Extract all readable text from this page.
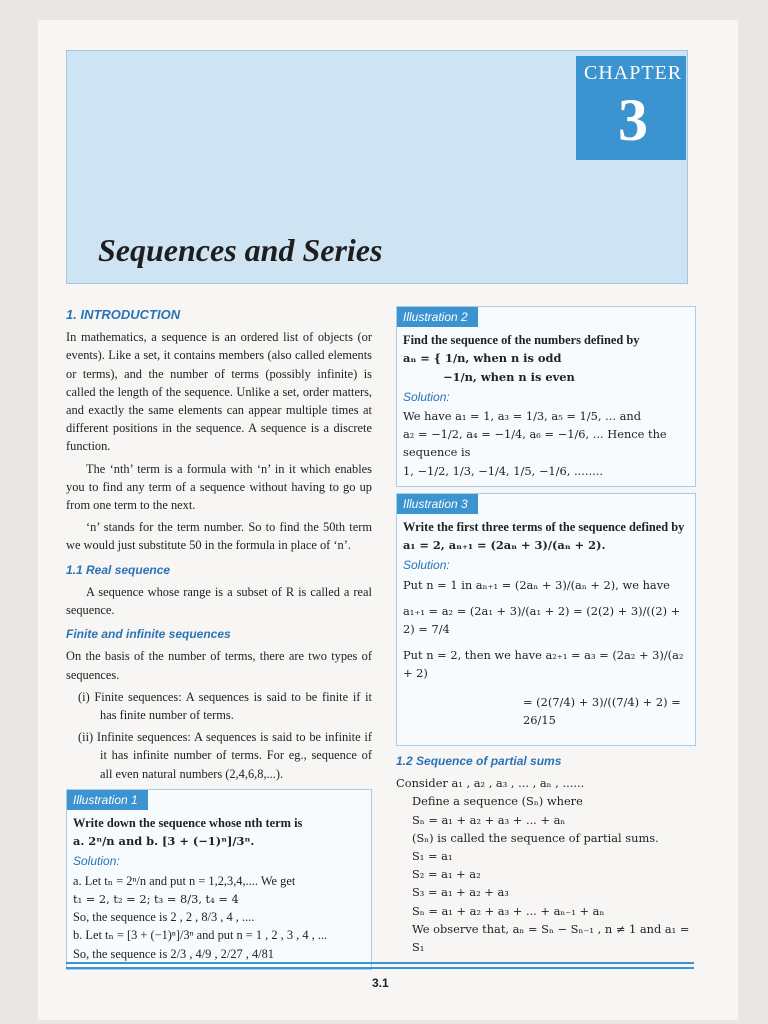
CHAPTER
3
Sequences and Series
1. INTRODUCTION

In mathematics, a sequence is an ordered list of objects (or events). Like a set, it contains members (also called elements or terms), and the number of terms (possibly infinite) is called the length of the sequence. Unlike a set, order matters, and exactly the same elements can appear multiple times at different positions in the sequence. A sequence is a discrete function.

The ‘nth’ term is a formula with ‘n’ in it which enables you to find any term of a sequence without having to go up from one term to the next.

‘n’ stands for the term number. So to find the 50th term we would just substitute 50 in the formula in place of ‘n’.

1.1 Real sequence

A sequence whose range is a subset of R is called a real sequence.

Finite and infinite sequences

On the basis of the number of terms, there are two types of sequences.

(i) Finite sequences: A sequences is said to be finite if it has finite number of terms.
(ii) Infinite sequences: A sequences is said to be infinite if it has infinite number of terms. For eg., sequence of all even natural numbers (2,4,6,8,...).
Illustration 1
Write down the sequence whose nth term is
a. 2ⁿ/n and b. [3 + (−1)ⁿ]/3ⁿ.
Solution:
a. Let tₙ = 2ⁿ/n and put n = 1,2,3,4,.... We get
t₁ = 2, t₂ = 2; t₃ = 8/3, t₄ = 4
So, the sequence is 2 , 2 , 8/3 , 4 , ....
b. Let tₙ = [3 + (−1)ⁿ]/3ⁿ and put n = 1 , 2 , 3 , 4 , ...
So, the sequence is 2/3 , 4/9 , 2/27 , 4/81
Illustration 2
Find the sequence of the numbers defined by
aₙ = { 1/n, when n is odd
−1/n, when n is even
Solution:
We have a₁ = 1, a₃ = 1/3, a₅ = 1/5, ... and
a₂ = −1/2, a₄ = −1/4, a₆ = −1/6, ... Hence the sequence is
1, −1/2, 1/3, −1/4, 1/5, −1/6, ........
Illustration 3
Write the first three terms of the sequence defined by
a₁ = 2, aₙ₊₁ = (2aₙ + 3)/(aₙ + 2).
Solution:
Put n = 1 in aₙ₊₁ = (2aₙ + 3)/(aₙ + 2), we have
a₁₊₁ = a₂ = (2a₁ + 3)/(a₁ + 2) = (2(2) + 3)/((2) + 2) = 7/4
Put n = 2, then we have a₂₊₁ = a₃ = (2a₂ + 3)/(a₂ + 2)
= (2(7/4) + 3)/((7/4) + 2) = 26/15
1.2 Sequence of partial sums
Consider a₁ , a₂ , a₃ , ... , aₙ , ......
Define a sequence (Sₙ) where
Sₙ = a₁ + a₂ + a₃ + ... + aₙ
(Sₙ) is called the sequence of partial sums.
S₁ = a₁
S₂ = a₁ + a₂
S₃ = a₁ + a₂ + a₃
Sₙ = a₁ + a₂ + a₃ + ... + aₙ₋₁ + aₙ
We observe that, aₙ = Sₙ − Sₙ₋₁ , n ≠ 1 and a₁ = S₁
3.1
